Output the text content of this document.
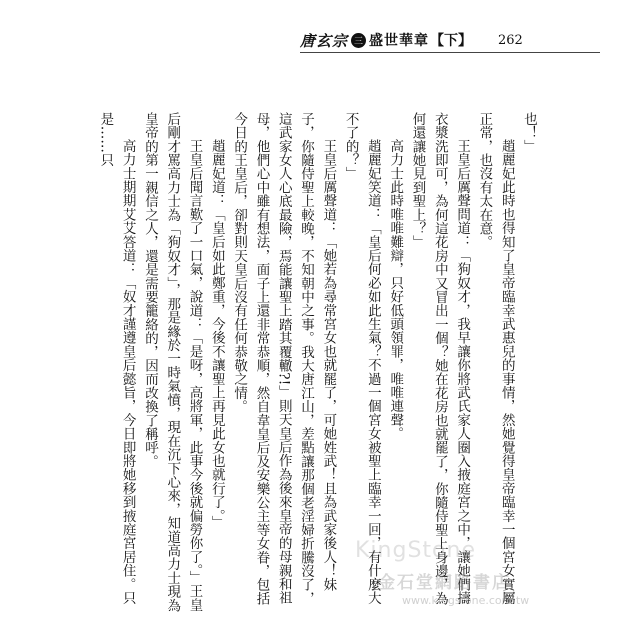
唐玄宗 三 盛世華章 【下】 262

也！」

趙麗妃此時也得知了皇帝臨幸武惠兒的事情，然她覺得皇帝臨幸一個宮女實屬正常，也沒有太在意。

王皇后厲聲問道：「狗奴才，我早讓你將武氏家人圈入掖庭宮之中，讓她們擣衣漿洗即可，為何這花房中又冒出一個？她在花房也就罷了，你隨侍聖上身邊，為何還讓她見到聖上？」

高力士此時唯唯難辯，只好低頭領罪，唯唯連聲。

趙麗妃笑道：「皇后何必如此生氣？不過一個宮女被聖上臨幸一回，有什麼大不了的？」

王皇后厲聲道：「她若為尋常宮女也就罷了，可她姓武！且為武家後人！妹子，你隨侍聖上較晚，不知朝中之事。我大唐江山，差點讓那個老淫婦折騰沒了，這武家女人心底最險，焉能讓聖上踏其覆轍?!」則天皇后作為後來皇帝的母親和祖母，他們心中雖有想法，面子上還非常恭順，然自韋皇后及安樂公主等女眷，包括今日的王皇后，卻對則天皇后沒有任何恭敬之情。

趙麗妃道：「皇后如此鄭重，今後不讓聖上再見此女也就行了。」

王皇后聞言歎了一口氣，說道：「是呀，高將軍，此事今後就偏勞你了。」王皇后剛才罵高力士為「狗奴才」，那是緣於一時氣憤，現在沉下心來，知道高力士現為皇帝的第一親信之人，還是需要籠絡的，因而改換了稱呼。

高力士期期艾艾答道：「奴才謹遵皇后懿旨，今日即將她移到掖庭宮居住。只是……只

KingStone
金石堂網路書店
www.kingstone.com.tw
